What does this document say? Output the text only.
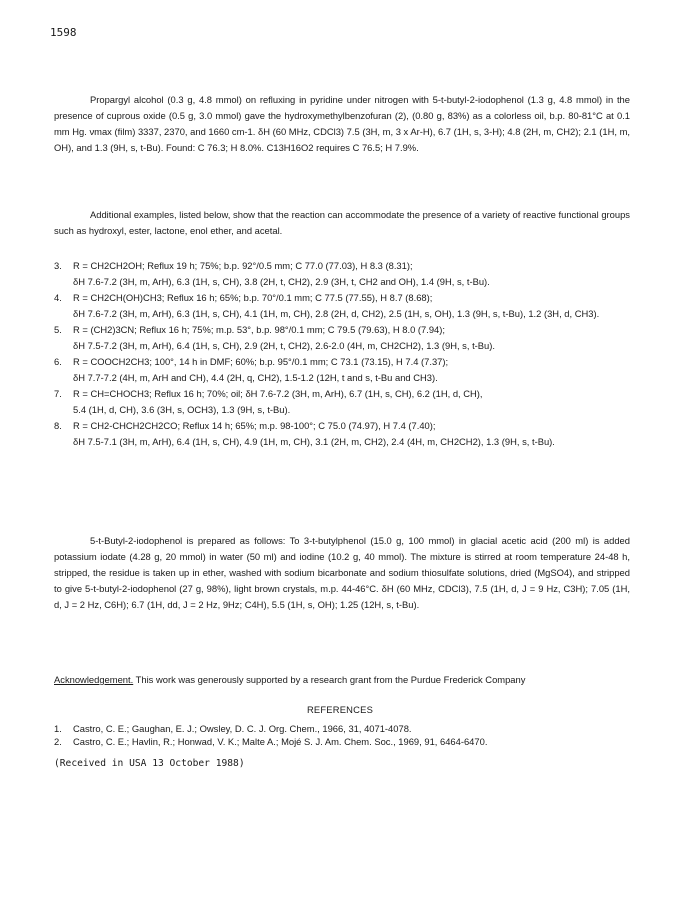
1598

Propargyl alcohol (0.3 g, 4.8 mmol) on refluxing in pyridine under nitrogen with 5-t-butyl-2-iodophenol (1.3 g, 4.8 mmol) in the presence of cuprous oxide (0.5 g, 3.0 mmol) gave the hydroxymethylbenzofuran (2), (0.80 g, 83%) as a colorless oil, b.p. 80-81°C at 0.1 mm Hg. νmax (film) 3337, 2370, and 1660 cm-1. δH (60 MHz, CDCl3) 7.5 (3H, m, 3 x Ar-H), 6.7 (1H, s, 3-H); 4.8 (2H, m, CH2); 2.1 (1H, m, OH), and 1.3 (9H, s, t-Bu). Found: C 76.3; H 8.0%. C13H16O2 requires C 76.5; H 7.9%.

Additional examples, listed below, show that the reaction can accommodate the presence of a variety of reactive functional groups such as hydroxyl, ester, lactone, enol ether, and acetal.

3.	R = CH2CH2OH; Reflux 19 h; 75%; b.p. 92°/0.5 mm; C 77.0 (77.03), H 8.3 (8.31);
δH 7.6-7.2 (3H, m, ArH), 6.3 (1H, s, CH), 3.8 (2H, t, CH2), 2.9 (3H, t, CH2 and OH), 1.4 (9H, s, t-Bu).
4.	R = CH2CH(OH)CH3; Reflux 16 h; 65%; b.p. 70°/0.1 mm; C 77.5 (77.55), H 8.7 (8.68);
δH 7.6-7.2 (3H, m, ArH), 6.3 (1H, s, CH), 4.1 (1H, m, CH), 2.8 (2H, d, CH2), 2.5 (1H, s, OH), 1.3 (9H, s, t-Bu), 1.2 (3H, d, CH3).
5.	R = (CH2)3CN; Reflux 16 h; 75%; m.p. 53°, b.p. 98°/0.1 mm; C 79.5 (79.63), H 8.0 (7.94);
δH 7.5-7.2 (3H, m, ArH), 6.4 (1H, s, CH), 2.9 (2H, t, CH2), 2.6-2.0 (4H, m, CH2CH2), 1.3 (9H, s, t-Bu).
6.	R = COOCH2CH3; 100°, 14 h in DMF; 60%; b.p. 95°/0.1 mm; C 73.1 (73.15), H 7.4 (7.37);
δH 7.7-7.2 (4H, m, ArH and CH), 4.4 (2H, q, CH2), 1.5-1.2 (12H, t and s, t-Bu and CH3).
7.	R = CH=CHOCH3; Reflux 16 h; 70%; oil; δH 7.6-7.2 (3H, m, ArH), 6.7 (1H, s, CH), 6.2 (1H, d, CH),
5.4 (1H, d, CH), 3.6 (3H, s, OCH3), 1.3 (9H, s, t-Bu).
8.	R = CH2-CHCH2CH2CO; Reflux 14 h; 65%; m.p. 98-100°; C 75.0 (74.97), H 7.4 (7.40);
δH 7.5-7.1 (3H, m, ArH), 6.4 (1H, s, CH), 4.9 (1H, m, CH), 3.1 (2H, m, CH2), 2.4 (4H, m, CH2CH2), 1.3 (9H, s, t-Bu).

5-t-Butyl-2-iodophenol is prepared as follows: To 3-t-butylphenol (15.0 g, 100 mmol) in glacial acetic acid (200 ml) is added potassium iodate (4.28 g, 20 mmol) in water (50 ml) and iodine (10.2 g, 40 mmol). The mixture is stirred at room temperature 24-48 h, stripped, the residue is taken up in ether, washed with sodium bicarbonate and sodium thiosulfate solutions, dried (MgSO4), and stripped to give 5-t-butyl-2-iodophenol (27 g, 98%), light brown crystals, m.p. 44-46°C. δH (60 MHz, CDCl3), 7.5 (1H, d, J = 9 Hz, C3H); 7.05 (1H, d, J = 2 Hz, C6H); 6.7 (1H, dd, J = 2 Hz, 9Hz; C4H), 5.5 (1H, s, OH); 1.25 (12H, s, t-Bu).

Acknowledgement. This work was generously supported by a research grant from the Purdue Frederick Company

REFERENCES
1.	Castro, C. E.; Gaughan, E. J.; Owsley, D. C. J. Org. Chem., 1966, 31, 4071-4078.
2.	Castro, C. E.; Havlin, R.; Honwad, V. K.; Malte A.; Mojé S. J. Am. Chem. Soc., 1969, 91, 6464-6470.
(Received in USA 13 October 1988)
